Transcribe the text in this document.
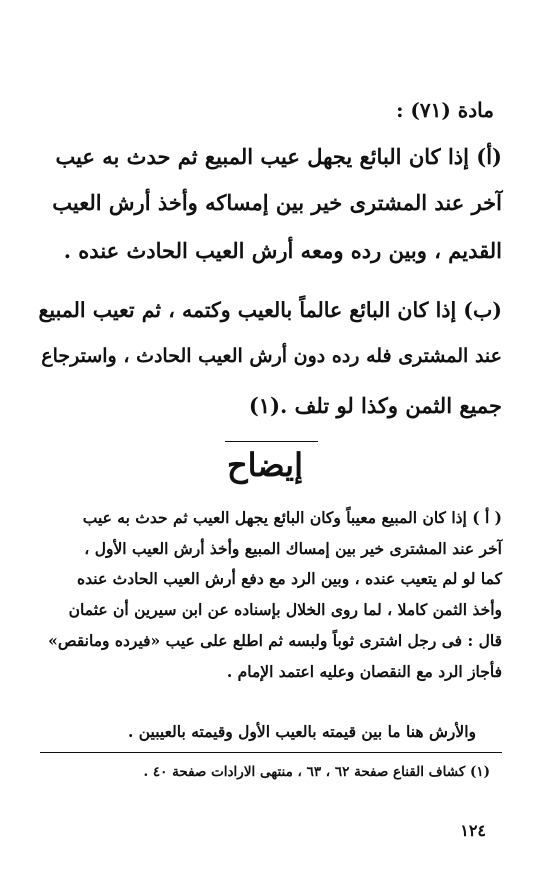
مادة (٧١) :
(أ) إذا كان البائع يجهل عيب المبيع ثم حدث به عيب
آخر عند المشترى خير بين إمساكه وأخذ أرش العيب
القديم ، وبين رده ومعه أرش العيب الحادث عنده .
(ب) إذا كان البائع عالماً بالعيب وكتمه ، ثم تعيب المبيع
عند المشترى فله رده دون أرش العيب الحادث ، واسترجاع
جميع الثمن وكذا لو تلف .(١)
إيضاح
( أ ) إذا كان المبيع معيباً وكان البائع يجهل العيب ثم حدث به عيب
آخر عند المشترى خير بين إمساك المبيع وأخذ أرش العيب الأول ،
كما لو لم يتعيب عنده ، وبين الرد مع دفع أرش العيب الحادث عنده
وأخذ الثمن كاملا ، لما روى الخلال بإسناده عن ابن سيرين أن عثمان
قال : فى رجل اشترى ثوباً ولبسه ثم اطلع على عيب «فيرده ومانقص»
فأجاز الرد مع النقصان وعليه اعتمد الإمام .
والأرش هنا ما بين قيمته بالعيب الأول وقيمته بالعيبين .
(١) كشاف القناع صفحة ٦٢ ، ٦٣ ، منتهى الارادات صفحة ٤٠ .
١٢٤
